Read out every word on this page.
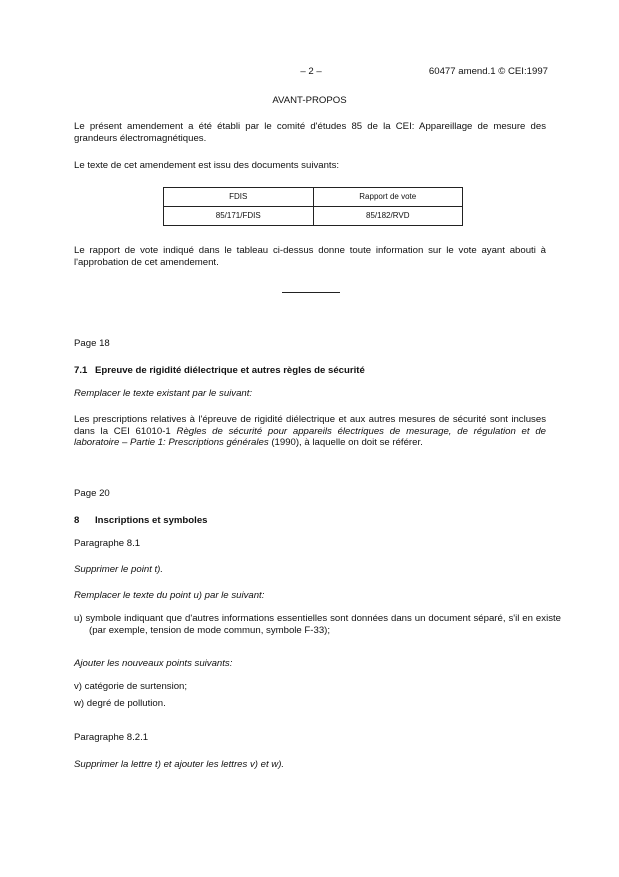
– 2 –	60477 amend.1 © CEI:1997
AVANT-PROPOS
Le présent amendement a été établi par le comité d'études 85 de la CEI: Appareillage de mesure des grandeurs électromagnétiques.
Le texte de cet amendement est issu des documents suivants:
FDIS	Rapport de vote
85/171/FDIS	85/182/RVD
Le rapport de vote indiqué dans le tableau ci-dessus donne toute information sur le vote ayant abouti à l'approbation de cet amendement.
Page 18
7.1 Epreuve de rigidité diélectrique et autres règles de sécurité
Remplacer le texte existant par le suivant:
Les prescriptions relatives à l'épreuve de rigidité diélectrique et aux autres mesures de sécurité sont incluses dans la CEI 61010-1 Règles de sécurité pour appareils électriques de mesurage, de régulation et de laboratoire – Partie 1: Prescriptions générales (1990), à laquelle on doit se référer.
Page 20
8 Inscriptions et symboles
Paragraphe 8.1
Supprimer le point t).
Remplacer le texte du point u) par le suivant:
u) symbole indiquant que d'autres informations essentielles sont données dans un document séparé, s'il en existe (par exemple, tension de mode commun, symbole F-33);
Ajouter les nouveaux points suivants:
v) catégorie de surtension;
w) degré de pollution.
Paragraphe 8.2.1
Supprimer la lettre t) et ajouter les lettres v) et w).
